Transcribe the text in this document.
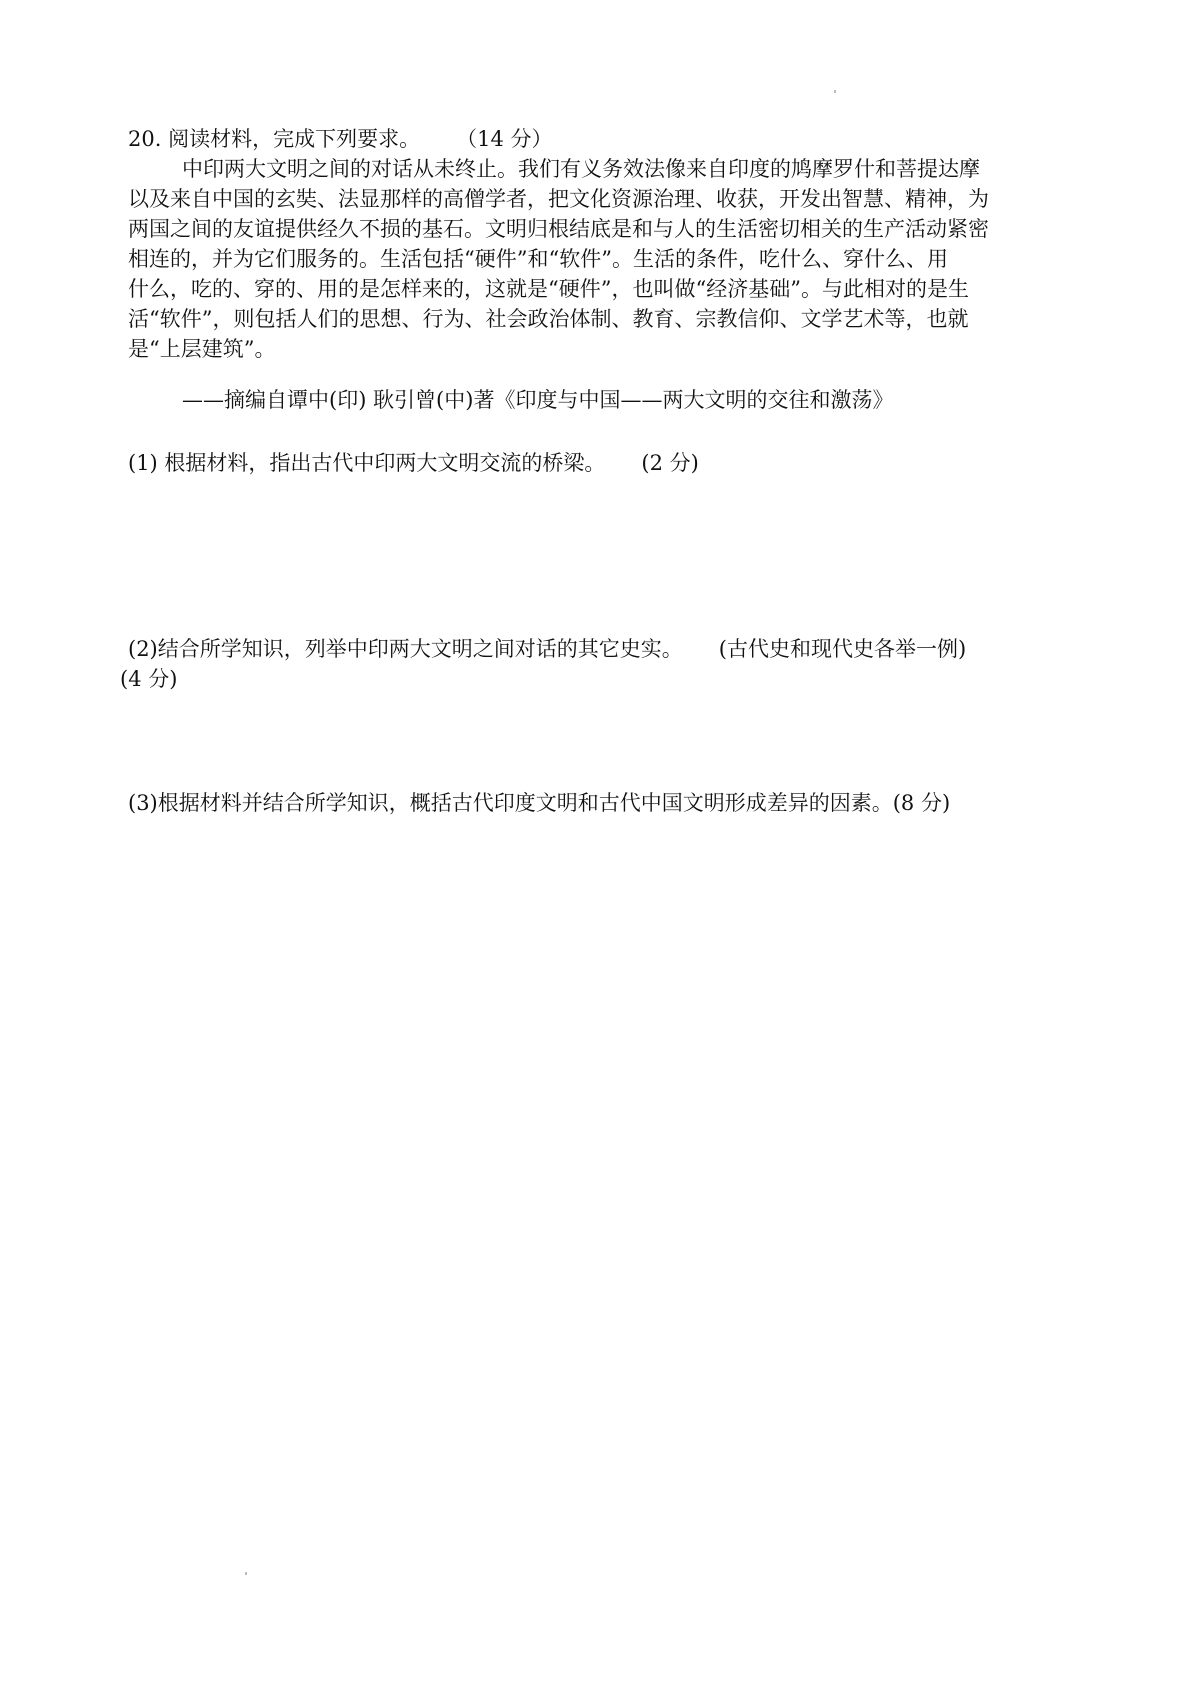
20. 阅读材料，完成下列要求。 （14 分）
中印两大文明之间的对话从未终止。我们有义务效法像来自印度的鸠摩罗什和菩提达摩
以及来自中国的玄奘、法显那样的高僧学者，把文化资源治理、收获，开发出智慧、精神，为
两国之间的友谊提供经久不损的基石。文明归根结底是和与人的生活密切相关的生产活动紧密
相连的，并为它们服务的。生活包括“硬件”和“软件”。生活的条件，吃什么、穿什么、用
什么，吃的、穿的、用的是怎样来的，这就是“硬件”，也叫做“经济基础”。与此相对的是生
活“软件”，则包括人们的思想、行为、社会政治体制、教育、宗教信仰、文学艺术等，也就
是“上层建筑”。
——摘编自谭中(印) 耿引曾(中)著《印度与中国——两大文明的交往和激荡》
(1) 根据材料，指出古代中印两大文明交流的桥梁。 (2 分)
(2)结合所学知识，列举中印两大文明之间对话的其它史实。 (古代史和现代史各举一例)
(4 分)
(3)根据材料并结合所学知识，概括古代印度文明和古代中国文明形成差异的因素。(8 分)
